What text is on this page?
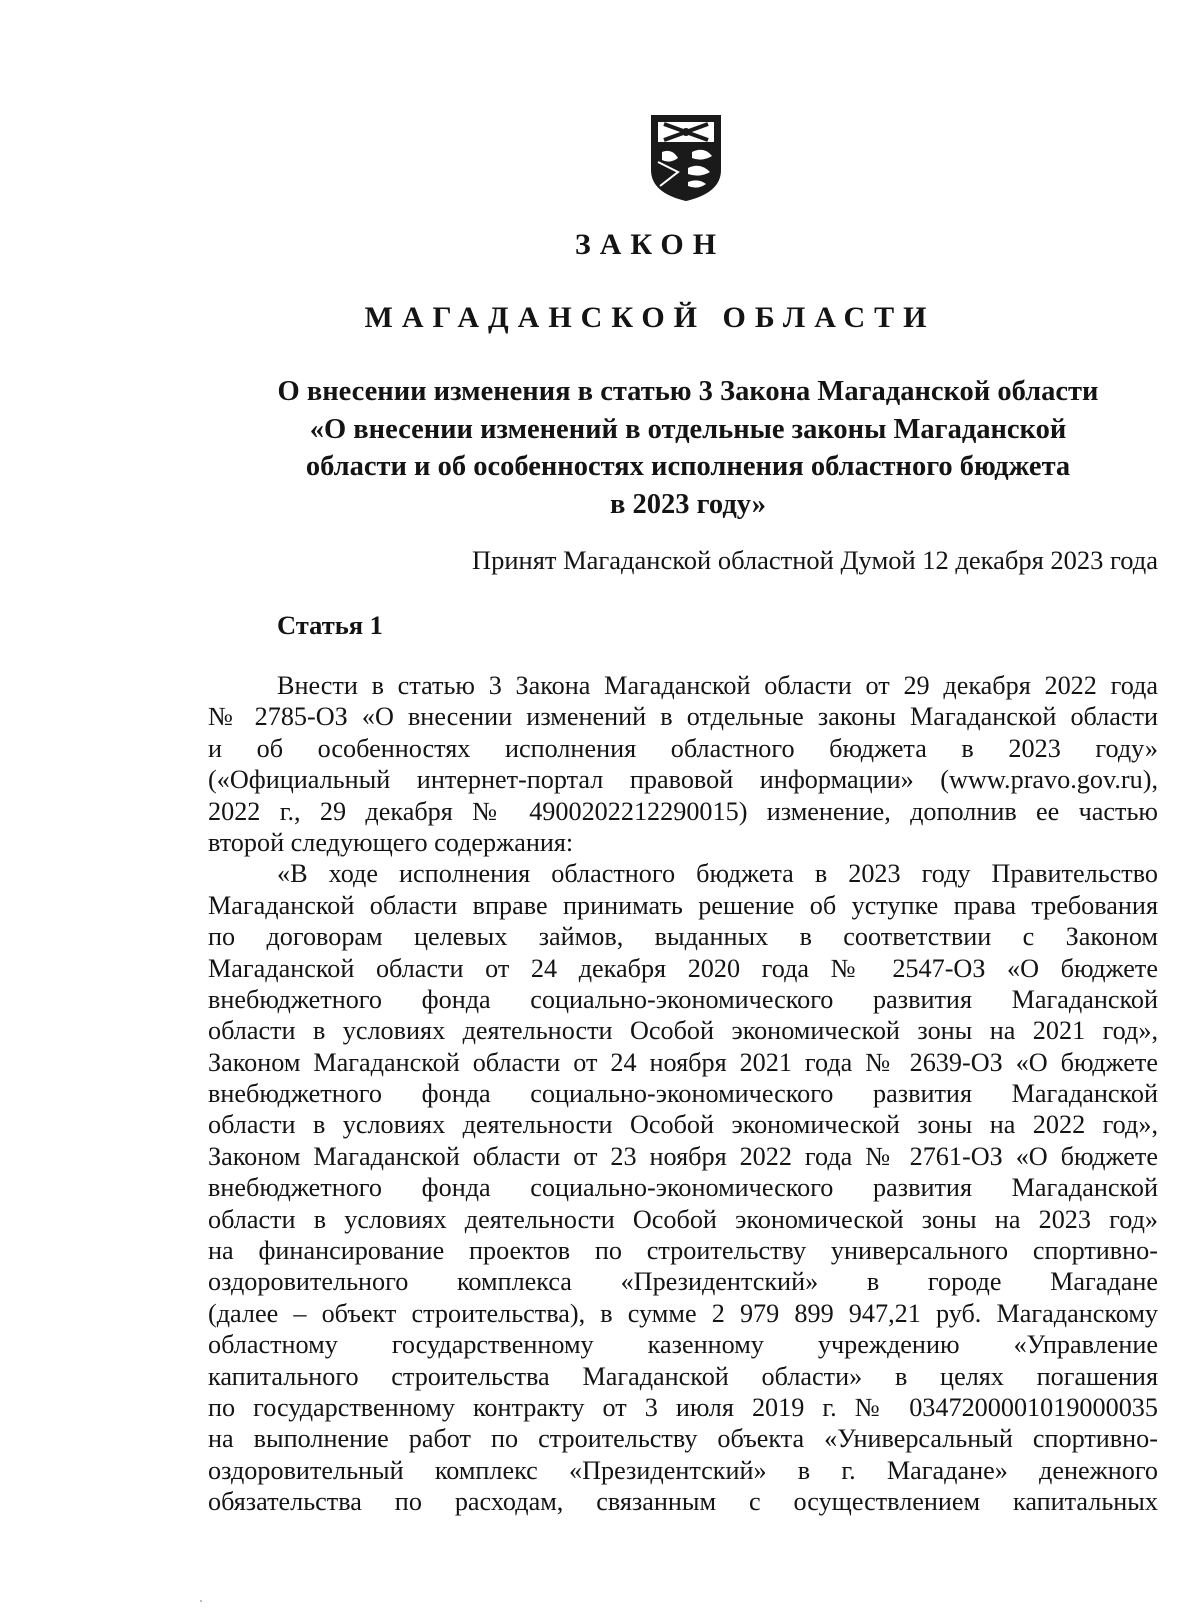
ЗАКОН
МАГАДАНСКОЙ ОБЛАСТИ
О внесении изменения в статью 3 Закона Магаданской области
«О внесении изменений в отдельные законы Магаданской
области и об особенностях исполнения областного бюджета
в 2023 году»
Принят Магаданской областной Думой 12 декабря 2023 года
Статья 1
Внести в статью 3 Закона Магаданской области от 29 декабря 2022 года
№ 2785-ОЗ «О внесении изменений в отдельные законы Магаданской области
и об особенностях исполнения областного бюджета в 2023 году»
(«Официальный интернет-портал правовой информации» (www.pravo.gov.ru),
2022 г., 29 декабря № 4900202212290015) изменение, дополнив ее частью
второй следующего содержания:
«В ходе исполнения областного бюджета в 2023 году Правительство
Магаданской области вправе принимать решение об уступке права требования
по договорам целевых займов, выданных в соответствии с Законом
Магаданской области от 24 декабря 2020 года № 2547-ОЗ «О бюджете
внебюджетного фонда социально-экономического развития Магаданской
области в условиях деятельности Особой экономической зоны на 2021 год»,
Законом Магаданской области от 24 ноября 2021 года № 2639-ОЗ «О бюджете
внебюджетного фонда социально-экономического развития Магаданской
области в условиях деятельности Особой экономической зоны на 2022 год»,
Законом Магаданской области от 23 ноября 2022 года № 2761-ОЗ «О бюджете
внебюджетного фонда социально-экономического развития Магаданской
области в условиях деятельности Особой экономической зоны на 2023 год»
на финансирование проектов по строительству универсального спортивно-
оздоровительного комплекса «Президентский» в городе Магадане
(далее – объект строительства), в сумме 2 979 899 947,21 руб. Магаданскому
областному государственному казенному учреждению «Управление
капитального строительства Магаданской области» в целях погашения
по государственному контракту от 3 июля 2019 г. № 0347200001019000035
на выполнение работ по строительству объекта «Универсальный спортивно-
оздоровительный комплекс «Президентский» в г. Магадане» денежного
обязательства по расходам, связанным с осуществлением капитальных
